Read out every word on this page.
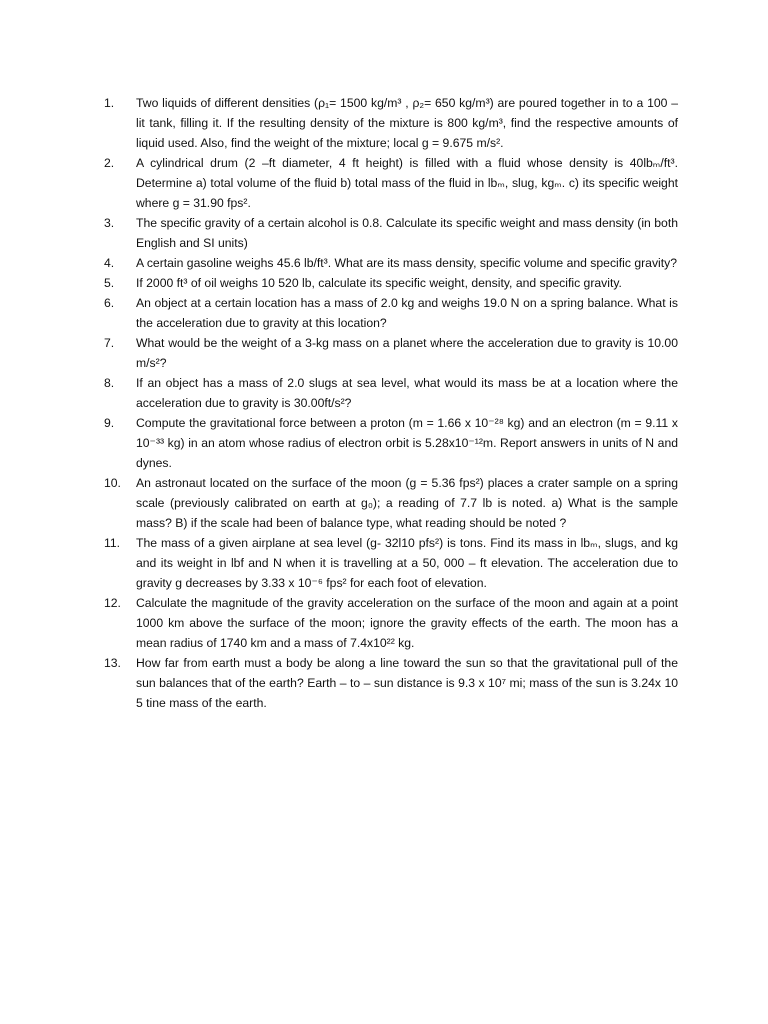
1.	Two liquids of different densities (ρ₁= 1500 kg/m³ , ρ₂= 650 kg/m³) are poured together in to a 100 – lit tank, filling it. If the resulting density of the mixture is 800 kg/m³, find the respective amounts of liquid used. Also, find the weight of the mixture; local g = 9.675 m/s².
2.	A cylindrical drum (2 –ft diameter, 4 ft height) is filled with a fluid whose density is 40lbₘ/ft³. Determine a) total volume of the fluid b) total mass of the fluid in lbₘ, slug, kgₘ. c) its specific weight where g = 31.90 fps².
3.	The specific gravity of a certain alcohol is 0.8. Calculate its specific weight and mass density (in both English and SI units)
4.	A certain gasoline weighs 45.6 lb/ft³. What are its mass density, specific volume and specific gravity?
5.	If 2000 ft³ of oil weighs 10 520 lb, calculate its specific weight, density, and specific gravity.
6.	An object at a certain location has a mass of 2.0 kg and weighs 19.0 N on a spring balance. What is the acceleration due to gravity at this location?
7.	What would be the weight of a 3-kg mass on a planet where the acceleration due to gravity is 10.00 m/s²?
8.	If an object has a mass of 2.0 slugs at sea level, what would its mass be at a location where the acceleration due to gravity is 30.00ft/s²?
9.	Compute the gravitational force between a proton (m = 1.66 x 10⁻²⁸ kg) and an electron (m = 9.11 x 10⁻³³ kg) in an atom whose radius of electron orbit is 5.28x10⁻¹²m. Report answers in units of N and dynes.
10.	An astronaut located on the surface of the moon (g = 5.36 fps²) places a crater sample on a spring scale (previously calibrated on earth at g₀); a reading of 7.7 lb is noted. a) What is the sample mass? B) if the scale had been of balance type, what reading should be noted ?
11.	The mass of a given airplane at sea level (g- 32l10 pfs²) is tons. Find its mass in lbₘ, slugs, and kg and its weight in lbf and N when it is travelling at a 50, 000 – ft elevation. The acceleration due to gravity g decreases by 3.33 x 10⁻⁶ fps² for each foot of elevation.
12.	Calculate the magnitude of the gravity acceleration on the surface of the moon and again at a point 1000 km above the surface of the moon; ignore the gravity effects of the earth. The moon has a mean radius of 1740 km and a mass of 7.4x10²² kg.
13.	How far from earth must a body be along a line toward the sun so that the gravitational pull of the sun balances that of the earth? Earth – to – sun distance is 9.3 x 10⁷ mi; mass of the sun is 3.24x 10 5 tine mass of the earth.
